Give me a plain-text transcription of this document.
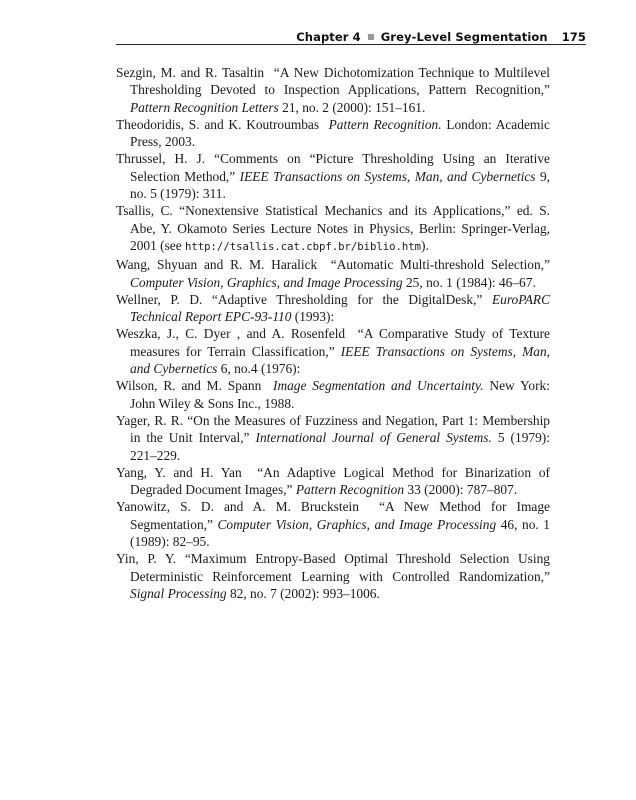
Chapter 4 Grey-Level Segmentation 175
Sezgin, M. and R. Tasaltin “A New Dichotomization Technique to Multilevel Thresholding Devoted to Inspection Applications, Pattern Recognition,” Pattern Recognition Letters 21, no. 2 (2000): 151–161.
Theodoridis, S. and K. Koutroumbas Pattern Recognition. London: Academic Press, 2003.
Thrussel, H. J. “Comments on “Picture Thresholding Using an Iterative Selection Method,” IEEE Transactions on Systems, Man, and Cybernetics 9, no. 5 (1979): 311.
Tsallis, C. “Nonextensive Statistical Mechanics and its Applications,” ed. S. Abe, Y. Okamoto Series Lecture Notes in Physics, Berlin: Springer-Verlag, 2001 (see http://tsallis.cat.cbpf.br/biblio.htm).
Wang, Shyuan and R. M. Haralick “Automatic Multi-threshold Selection,” Computer Vision, Graphics, and Image Processing 25, no. 1 (1984): 46–67.
Wellner, P. D. “Adaptive Thresholding for the DigitalDesk,” EuroPARC Technical Report EPC-93-110 (1993):
Weszka, J., C. Dyer , and A. Rosenfeld “A Comparative Study of Texture measures for Terrain Classification,” IEEE Transactions on Systems, Man, and Cybernetics 6, no.4 (1976):
Wilson, R. and M. Spann Image Segmentation and Uncertainty. New York: John Wiley & Sons Inc., 1988.
Yager, R. R. “On the Measures of Fuzziness and Negation, Part 1: Membership in the Unit Interval,” International Journal of General Systems. 5 (1979): 221–229.
Yang, Y. and H. Yan “An Adaptive Logical Method for Binarization of Degraded Document Images,” Pattern Recognition 33 (2000): 787–807.
Yanowitz, S. D. and A. M. Bruckstein “A New Method for Image Segmentation,” Computer Vision, Graphics, and Image Processing 46, no. 1 (1989): 82–95.
Yin, P. Y. “Maximum Entropy-Based Optimal Threshold Selection Using Deterministic Reinforcement Learning with Controlled Randomization,” Signal Processing 82, no. 7 (2002): 993–1006.
